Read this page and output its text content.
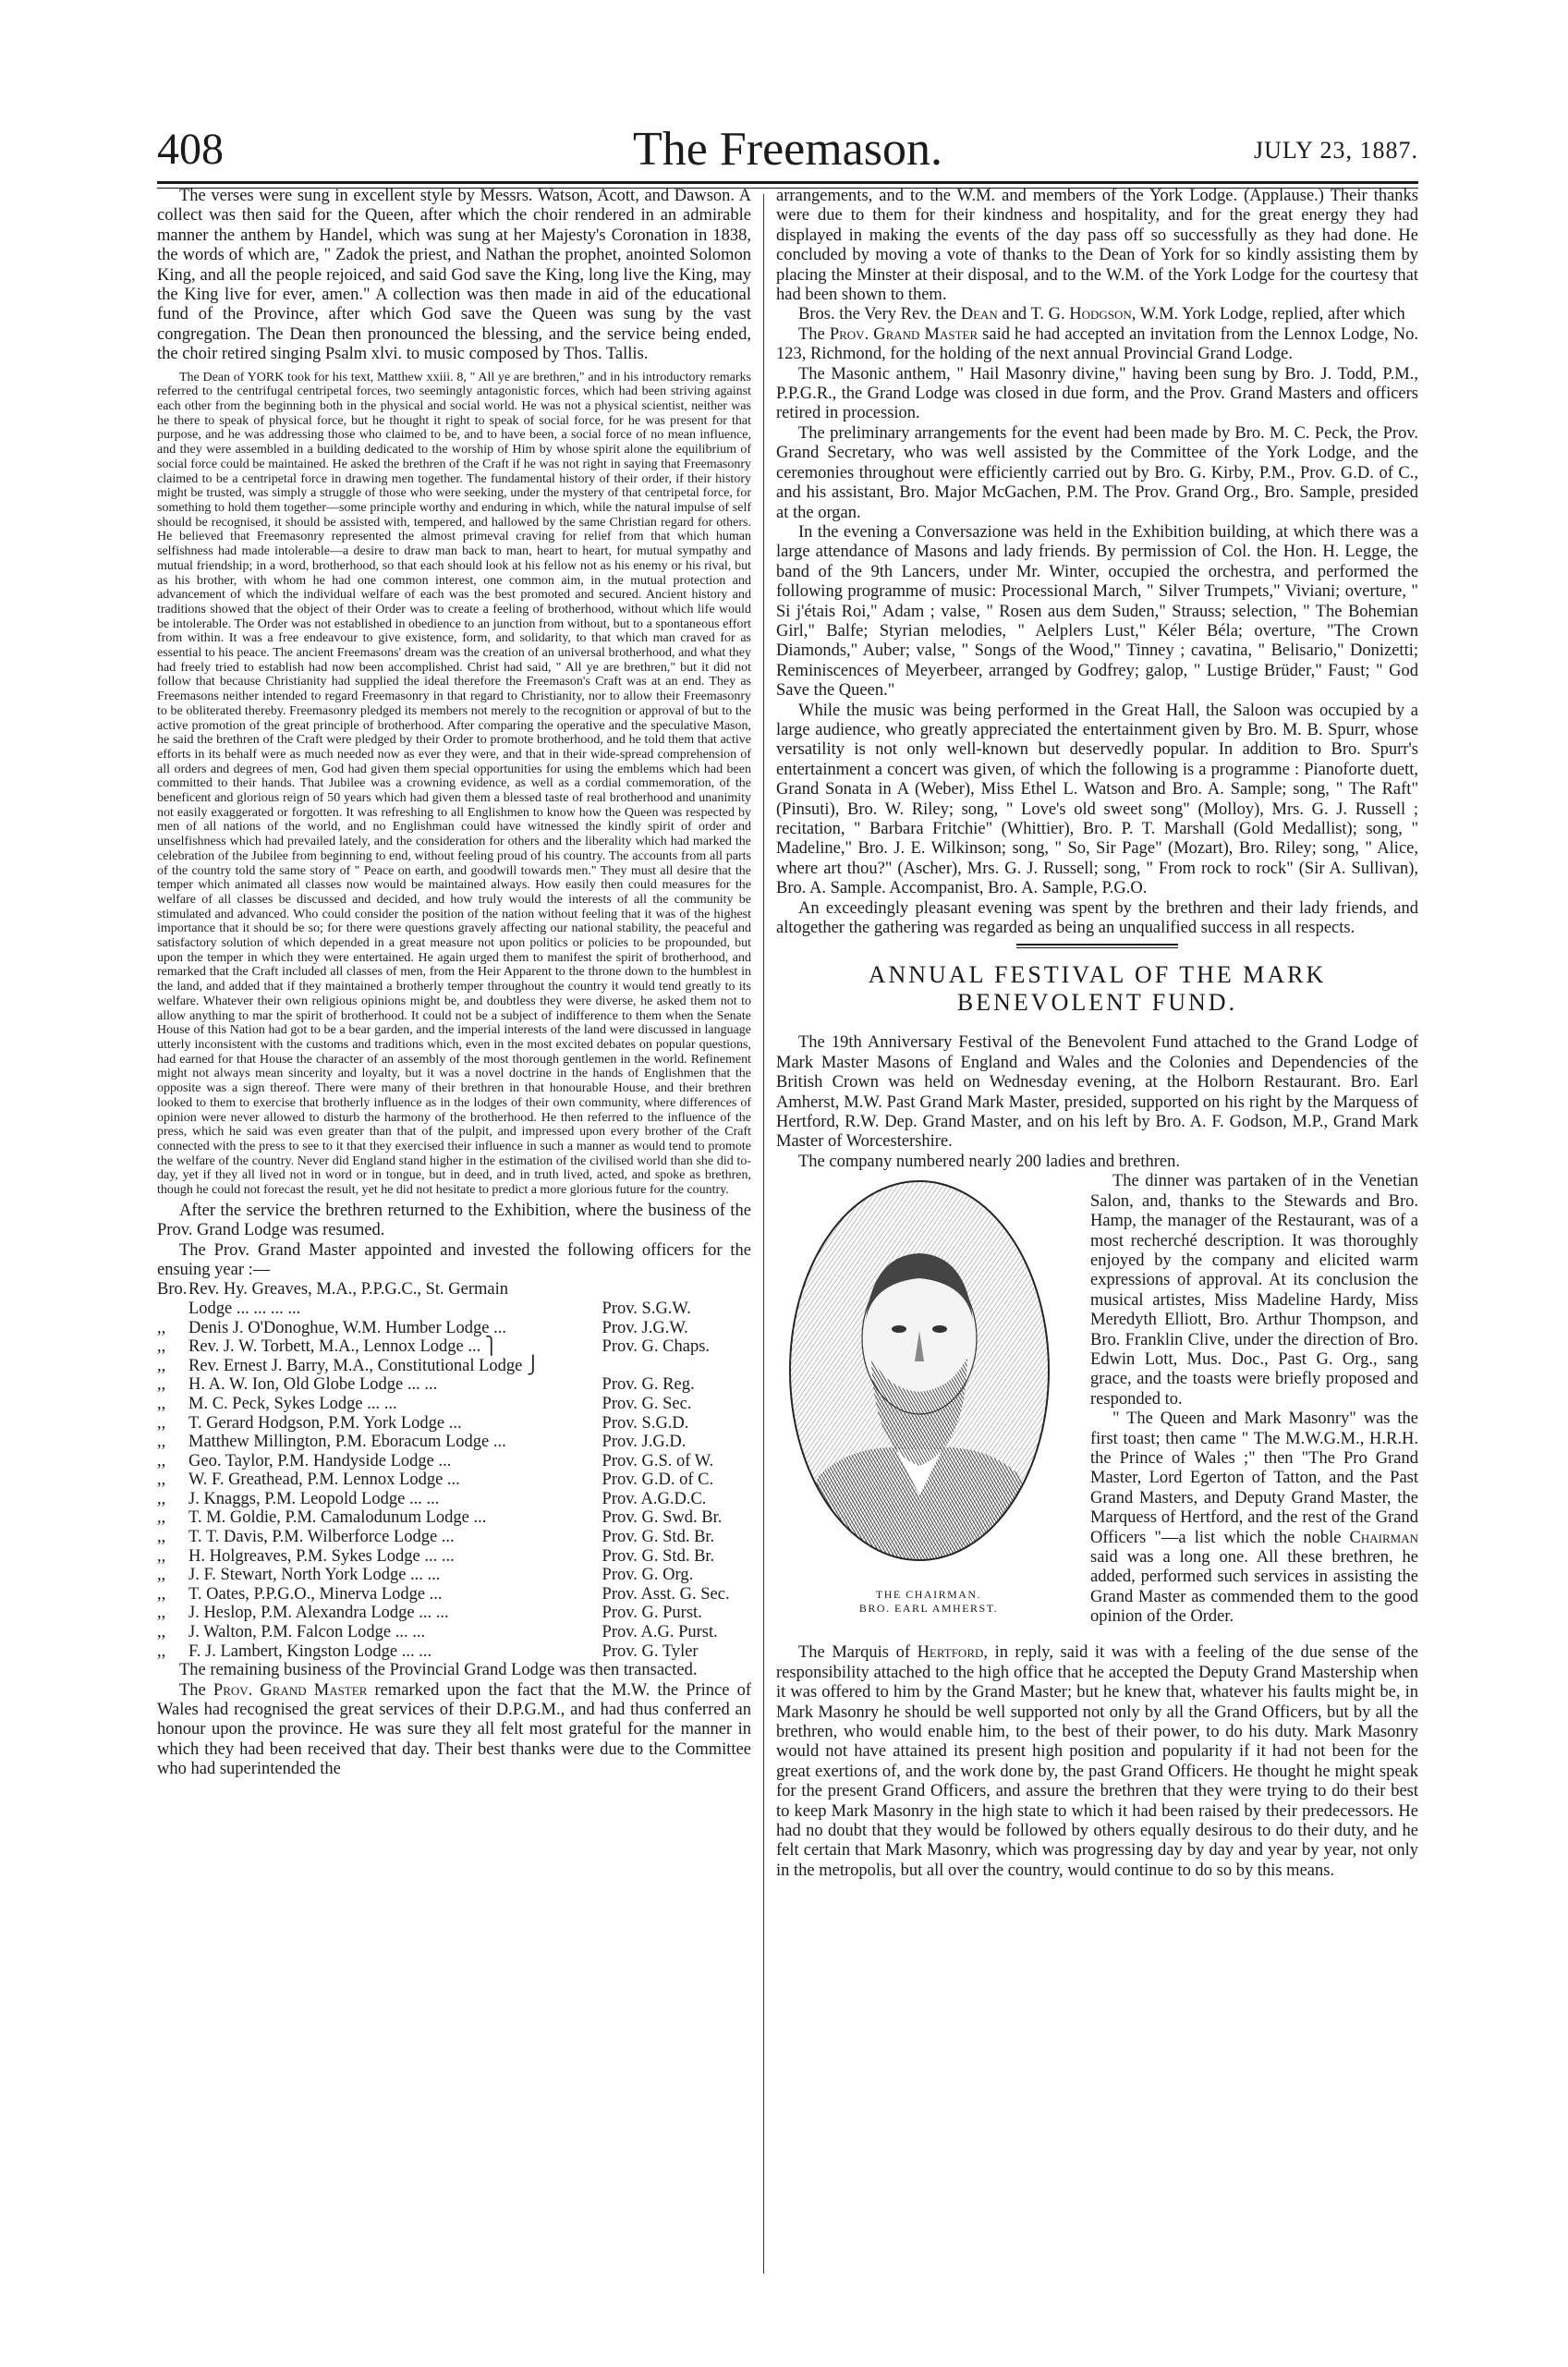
408	The Freemason.	JULY 23, 1887.

The verses were sung in excellent style by Messrs. Watson, Acott, and Dawson. A collect was then said for the Queen, after which the choir rendered in an admirable manner the anthem by Handel, which was sung at her Majesty's Coronation in 1838, the words of which are, " Zadok the priest, and Nathan the prophet, anointed Solomon King, and all the people rejoiced, and said God save the King, long live the King, may the King live for ever, amen." A collection was then made in aid of the educational fund of the Province, after which God save the Queen was sung by the vast congregation. The Dean then pronounced the blessing, and the service being ended, the choir retired singing Psalm xlvi. to music composed by Thos. Tallis.

The Dean of YORK took for his text, Matthew xxiii. 8, " All ye are brethren," and in his introductory remarks referred to the centrifugal centripetal forces, two seemingly antagonistic forces, which had been striving against each other from the beginning both in the physical and social world. He was not a physical scientist, neither was he there to speak of physical force, but he thought it right to speak of social force, for he was present for that purpose, and he was addressing those who claimed to be, and to have been, a social force of no mean influence, and they were assembled in a building dedicated to the worship of Him by whose spirit alone the equilibrium of social force could be maintained. He asked the brethren of the Craft if he was not right in saying that Freemasonry claimed to be a centripetal force in drawing men together. The fundamental history of their order, if their history might be trusted, was simply a struggle of those who were seeking, under the mystery of that centripetal force, for something to hold them together—some principle worthy and enduring in which, while the natural impulse of self should be recognised, it should be assisted with, tempered, and hallowed by the same Christian regard for others. He believed that Freemasonry represented the almost primeval craving for relief from that which human selfishness had made intolerable—a desire to draw man back to man, heart to heart, for mutual sympathy and mutual friendship; in a word, brotherhood, so that each should look at his fellow not as his enemy or his rival, but as his brother, with whom he had one common interest, one common aim, in the mutual protection and advancement of which the individual welfare of each was the best promoted and secured. Ancient history and traditions showed that the object of their Order was to create a feeling of brotherhood, without which life would be intolerable. The Order was not established in obedience to an junction from without, but to a spontaneous effort from within. It was a free endeavour to give existence, form, and solidarity, to that which man craved for as essential to his peace. The ancient Freemasons' dream was the creation of an universal brotherhood, and what they had freely tried to establish had now been accomplished. Christ had said, " All ye are brethren," but it did not follow that because Christianity had supplied the ideal therefore the Freemason's Craft was at an end. They as Freemasons neither intended to regard Freemasonry in that regard to Christianity, nor to allow their Freemasonry to be obliterated thereby. Freemasonry pledged its members not merely to the recognition or approval of but to the active promotion of the great principle of brotherhood. After comparing the operative and the speculative Mason, he said the brethren of the Craft were pledged by their Order to promote brotherhood, and he told them that active efforts in its behalf were as much needed now as ever they were, and that in their wide-spread comprehension of all orders and degrees of men, God had given them special opportunities for using the emblems which had been committed to their hands. That Jubilee was a crowning evidence, as well as a cordial commemoration, of the beneficent and glorious reign of 50 years which had given them a blessed taste of real brotherhood and unanimity not easily exaggerated or forgotten. It was refreshing to all Englishmen to know how the Queen was respected by men of all nations of the world, and no Englishman could have witnessed the kindly spirit of order and unselfishness which had prevailed lately, and the consideration for others and the liberality which had marked the celebration of the Jubilee from beginning to end, without feeling proud of his country. The accounts from all parts of the country told the same story of " Peace on earth, and goodwill towards men." They must all desire that the temper which animated all classes now would be maintained always. How easily then could measures for the welfare of all classes be discussed and decided, and how truly would the interests of all the community be stimulated and advanced. Who could consider the position of the nation without feeling that it was of the highest importance that it should be so; for there were questions gravely affecting our national stability, the peaceful and satisfactory solution of which depended in a great measure not upon politics or policies to be propounded, but upon the temper in which they were entertained. He again urged them to manifest the spirit of brotherhood, and remarked that the Craft included all classes of men, from the Heir Apparent to the throne down to the humblest in the land, and added that if they maintained a brotherly temper throughout the country it would tend greatly to its welfare. Whatever their own religious opinions might be, and doubtless they were diverse, he asked them not to allow anything to mar the spirit of brotherhood. It could not be a subject of indifference to them when the Senate House of this Nation had got to be a bear garden, and the imperial interests of the land were discussed in language utterly inconsistent with the customs and traditions which, even in the most excited debates on popular questions, had earned for that House the character of an assembly of the most thorough gentlemen in the world. Refinement might not always mean sincerity and loyalty, but it was a novel doctrine in the hands of Englishmen that the opposite was a sign thereof. There were many of their brethren in that honourable House, and their brethren looked to them to exercise that brotherly influence as in the lodges of their own community, where differences of opinion were never allowed to disturb the harmony of the brotherhood. He then referred to the influence of the press, which he said was even greater than that of the pulpit, and impressed upon every brother of the Craft connected with the press to see to it that they exercised their influence in such a manner as would tend to promote the welfare of the country. Never did England stand higher in the estimation of the civilised world than she did to-day, yet if they all lived not in word or in tongue, but in deed, and in truth lived, acted, and spoke as brethren, though he could not forecast the result, yet he did not hesitate to predict a more glorious future for the country.

After the service the brethren returned to the Exhibition, where the business of the Prov. Grand Lodge was resumed.

The Prov. Grand Master appointed and invested the following officers for the ensuing year :—

Bro.	Rev. Hy. Greaves, M.A., P.P.G.C., St. Germain	
	Lodge ... ... ... ...	Prov. S.G.W.
,,	Denis J. O'Donoghue, W.M. Humber Lodge ...	Prov. J.G.W.
,,	Rev. J. W. Torbett, M.A., Lennox Lodge ... ⎫	Prov. G. Chaps.
,,	Rev. Ernest J. Barry, M.A., Constitutional Lodge ⎭	
,,	H. A. W. Ion, Old Globe Lodge ... ...	Prov. G. Reg.
,,	M. C. Peck, Sykes Lodge ... ...	Prov. G. Sec.
,,	T. Gerard Hodgson, P.M. York Lodge ...	Prov. S.G.D.
,,	Matthew Millington, P.M. Eboracum Lodge ...	Prov. J.G.D.
,,	Geo. Taylor, P.M. Handyside Lodge ...	Prov. G.S. of W.
,,	W. F. Greathead, P.M. Lennox Lodge ...	Prov. G.D. of C.
,,	J. Knaggs, P.M. Leopold Lodge ... ...	Prov. A.G.D.C.
,,	T. M. Goldie, P.M. Camalodunum Lodge ...	Prov. G. Swd. Br.
,,	T. T. Davis, P.M. Wilberforce Lodge ...	Prov. G. Std. Br.
,,	H. Holgreaves, P.M. Sykes Lodge ... ...	Prov. G. Std. Br.
,,	J. F. Stewart, North York Lodge ... ...	Prov. G. Org.
,,	T. Oates, P.P.G.O., Minerva Lodge ...	Prov. Asst. G. Sec.
,,	J. Heslop, P.M. Alexandra Lodge ... ...	Prov. G. Purst.
,,	J. Walton, P.M. Falcon Lodge ... ...	Prov. A.G. Purst.
,,	F. J. Lambert, Kingston Lodge ... ...	Prov. G. Tyler

The remaining business of the Provincial Grand Lodge was then transacted.

The Prov. Grand Master remarked upon the fact that the M.W. the Prince of Wales had recognised the great services of their D.P.G.M., and had thus conferred an honour upon the province. He was sure they all felt most grateful for the manner in which they had been received that day. Their best thanks were due to the Committee who had superintended the

arrangements, and to the W.M. and members of the York Lodge. (Applause.) Their thanks were due to them for their kindness and hospitality, and for the great energy they had displayed in making the events of the day pass off so successfully as they had done. He concluded by moving a vote of thanks to the Dean of York for so kindly assisting them by placing the Minster at their disposal, and to the W.M. of the York Lodge for the courtesy that had been shown to them.

Bros. the Very Rev. the Dean and T. G. Hodgson, W.M. York Lodge, replied, after which

The Prov. Grand Master said he had accepted an invitation from the Lennox Lodge, No. 123, Richmond, for the holding of the next annual Provincial Grand Lodge.

The Masonic anthem, " Hail Masonry divine," having been sung by Bro. J. Todd, P.M., P.P.G.R., the Grand Lodge was closed in due form, and the Prov. Grand Masters and officers retired in procession.

The preliminary arrangements for the event had been made by Bro. M. C. Peck, the Prov. Grand Secretary, who was well assisted by the Committee of the York Lodge, and the ceremonies throughout were efficiently carried out by Bro. G. Kirby, P.M., Prov. G.D. of C., and his assistant, Bro. Major McGachen, P.M. The Prov. Grand Org., Bro. Sample, presided at the organ.

In the evening a Conversazione was held in the Exhibition building, at which there was a large attendance of Masons and lady friends. By permission of Col. the Hon. H. Legge, the band of the 9th Lancers, under Mr. Winter, occupied the orchestra, and performed the following programme of music: Processional March, " Silver Trumpets," Viviani; overture, " Si j'étais Roi," Adam ; valse, " Rosen aus dem Suden," Strauss; selection, " The Bohemian Girl," Balfe; Styrian melodies, " Aelplers Lust," Kéler Béla; overture, "The Crown Diamonds," Auber; valse, " Songs of the Wood," Tinney ; cavatina, " Belisario," Donizetti; Reminiscences of Meyerbeer, arranged by Godfrey; galop, " Lustige Brüder," Faust; " God Save the Queen."

While the music was being performed in the Great Hall, the Saloon was occupied by a large audience, who greatly appreciated the entertainment given by Bro. M. B. Spurr, whose versatility is not only well-known but deservedly popular. In addition to Bro. Spurr's entertainment a concert was given, of which the following is a programme : Pianoforte duett, Grand Sonata in A (Weber), Miss Ethel L. Watson and Bro. A. Sample; song, " The Raft" (Pinsuti), Bro. W. Riley; song, " Love's old sweet song" (Molloy), Mrs. G. J. Russell ; recitation, " Barbara Fritchie" (Whittier), Bro. P. T. Marshall (Gold Medallist); song, " Madeline," Bro. J. E. Wilkinson; song, " So, Sir Page" (Mozart), Bro. Riley; song, " Alice, where art thou?" (Ascher), Mrs. G. J. Russell; song, " From rock to rock" (Sir A. Sullivan), Bro. A. Sample. Accompanist, Bro. A. Sample, P.G.O.

An exceedingly pleasant evening was spent by the brethren and their lady friends, and altogether the gathering was regarded as being an unqualified success in all respects.

ANNUAL FESTIVAL OF THE MARK
BENEVOLENT FUND.

The 19th Anniversary Festival of the Benevolent Fund attached to the Grand Lodge of Mark Master Masons of England and Wales and the Colonies and Dependencies of the British Crown was held on Wednesday evening, at the Holborn Restaurant. Bro. Earl Amherst, M.W. Past Grand Mark Master, presided, supported on his right by the Marquess of Hertford, R.W. Dep. Grand Master, and on his left by Bro. A. F. Godson, M.P., Grand Mark Master of Worcestershire.

The company numbered nearly 200 ladies and brethren.

THE CHAIRMAN.
BRO. EARL AMHERST.

The dinner was partaken of in the Venetian Salon, and, thanks to the Stewards and Bro. Hamp, the manager of the Restaurant, was of a most recherché description. It was thoroughly enjoyed by the company and elicited warm expressions of approval. At its conclusion the musical artistes, Miss Madeline Hardy, Miss Meredyth Elliott, Bro. Arthur Thompson, and Bro. Franklin Clive, under the direction of Bro. Edwin Lott, Mus. Doc., Past G. Org., sang grace, and the toasts were briefly proposed and responded to.

" The Queen and Mark Masonry" was the first toast; then came " The M.W.G.M., H.R.H. the Prince of Wales ;" then "The Pro Grand Master, Lord Egerton of Tatton, and the Past Grand Masters, and Deputy Grand Master, the Marquess of Hertford, and the rest of the Grand Officers "—a list which the noble Chairman said was a long one. All these brethren, he added, performed such services in assisting the Grand Master as commended them to the good opinion of the Order.

The Marquis of Hertford, in reply, said it was with a feeling of the due sense of the responsibility attached to the high office that he accepted the Deputy Grand Mastership when it was offered to him by the Grand Master; but he knew that, whatever his faults might be, in Mark Masonry he should be well supported not only by all the Grand Officers, but by all the brethren, who would enable him, to the best of their power, to do his duty. Mark Masonry would not have attained its present high position and popularity if it had not been for the great exertions of, and the work done by, the past Grand Officers. He thought he might speak for the present Grand Officers, and assure the brethren that they were trying to do their best to keep Mark Masonry in the high state to which it had been raised by their predecessors. He had no doubt that they would be followed by others equally desirous to do their duty, and he felt certain that Mark Masonry, which was progressing day by day and year by year, not only in the metropolis, but all over the country, would continue to do so by this means.
